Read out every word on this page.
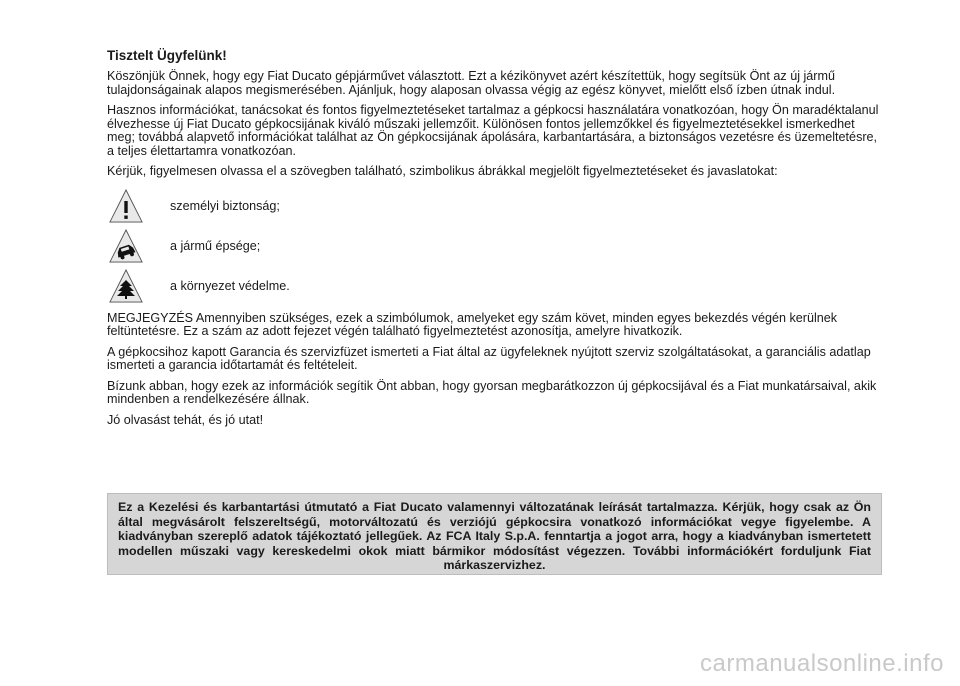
Tisztelt Ügyfelünk!

Köszönjük Önnek, hogy egy Fiat Ducato gépjárművet választott. Ezt a kézikönyvet azért készítettük, hogy segítsük Önt az új jármű tulajdonságainak alapos megismerésében. Ajánljuk, hogy alaposan olvassa végig az egész könyvet, mielőtt első ízben útnak indul.

Hasznos információkat, tanácsokat és fontos figyelmeztetéseket tartalmaz a gépkocsi használatára vonatkozóan, hogy Ön maradéktalanul élvezhesse új Fiat Ducato gépkocsijának kiváló műszaki jellemzőit. Különösen fontos jellemzőkkel és figyelmeztetésekkel ismerkedhet meg; továbbá alapvető információkat találhat az Ön gépkocsijának ápolására, karbantartására, a biztonságos vezetésre és üzemeltetésre, a teljes élettartamra vonatkozóan.

Kérjük, figyelmesen olvassa el a szövegben található, szimbolikus ábrákkal megjelölt figyelmeztetéseket és javaslatokat:

személyi biztonság;
a jármű épsége;
a környezet védelme.

MEGJEGYZÉS Amennyiben szükséges, ezek a szimbólumok, amelyeket egy szám követ, minden egyes bekezdés végén kerülnek feltüntetésre. Ez a szám az adott fejezet végén található figyelmeztetést azonosítja, amelyre hivatkozik.

A gépkocsihoz kapott Garancia és szervizfüzet ismerteti a Fiat által az ügyfeleknek nyújtott szerviz szolgáltatásokat, a garanciális adatlap ismerteti a garancia időtartamát és feltételeit.

Bízunk abban, hogy ezek az információk segítik Önt abban, hogy gyorsan megbarátkozzon új gépkocsijával és a Fiat munkatársaival, akik mindenben a rendelkezésére állnak.

Jó olvasást tehát, és jó utat!

Ez a Kezelési és karbantartási útmutató a Fiat Ducato valamennyi változatának leírását tartalmazza. Kérjük, hogy csak az Ön által megvásárolt felszereltségű, motorváltozatú és verziójú gépkocsira vonatkozó információkat vegye figyelembe. A kiadványban szereplő adatok tájékoztató jellegűek. Az FCA Italy S.p.A. fenntartja a jogot arra, hogy a kiadványban ismertetett modellen műszaki vagy kereskedelmi okok miatt bármikor módosítást végezzen. További információkért forduljunk Fiat márkaszervizhez.
carmanualsonline.info
